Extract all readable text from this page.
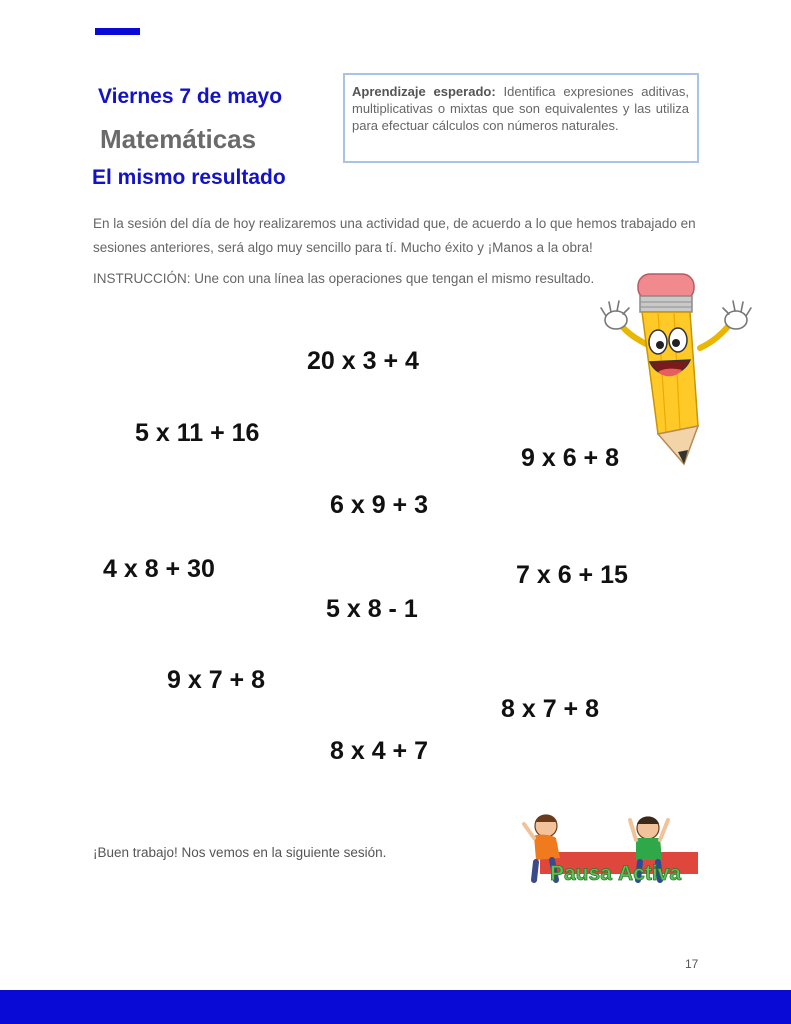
Viernes 7 de mayo
Matemáticas
El mismo resultado
Aprendizaje esperado: Identifica expresiones aditivas, multiplicativas o mixtas que son equivalentes y las utiliza para efectuar cálculos con números naturales.

En la sesión del día de hoy realizaremos una actividad que, de acuerdo a lo que hemos trabajado en sesiones anteriores, será algo muy sencillo para tí. Mucho éxito y ¡Manos a la obra!

INSTRUCCIÓN: Une con una línea las operaciones que tengan el mismo resultado.

20 x 3 + 4
5 x 11 + 16
9 x 6 + 8
6 x 9 + 3
4 x 8 + 30	7 x 6 + 15
5 x 8 - 1
9 x 7 + 8
8 x 7 + 8
8 x 4 + 7
Pausa Activa

¡Buen trabajo! Nos vemos en la siguiente sesión.

17
